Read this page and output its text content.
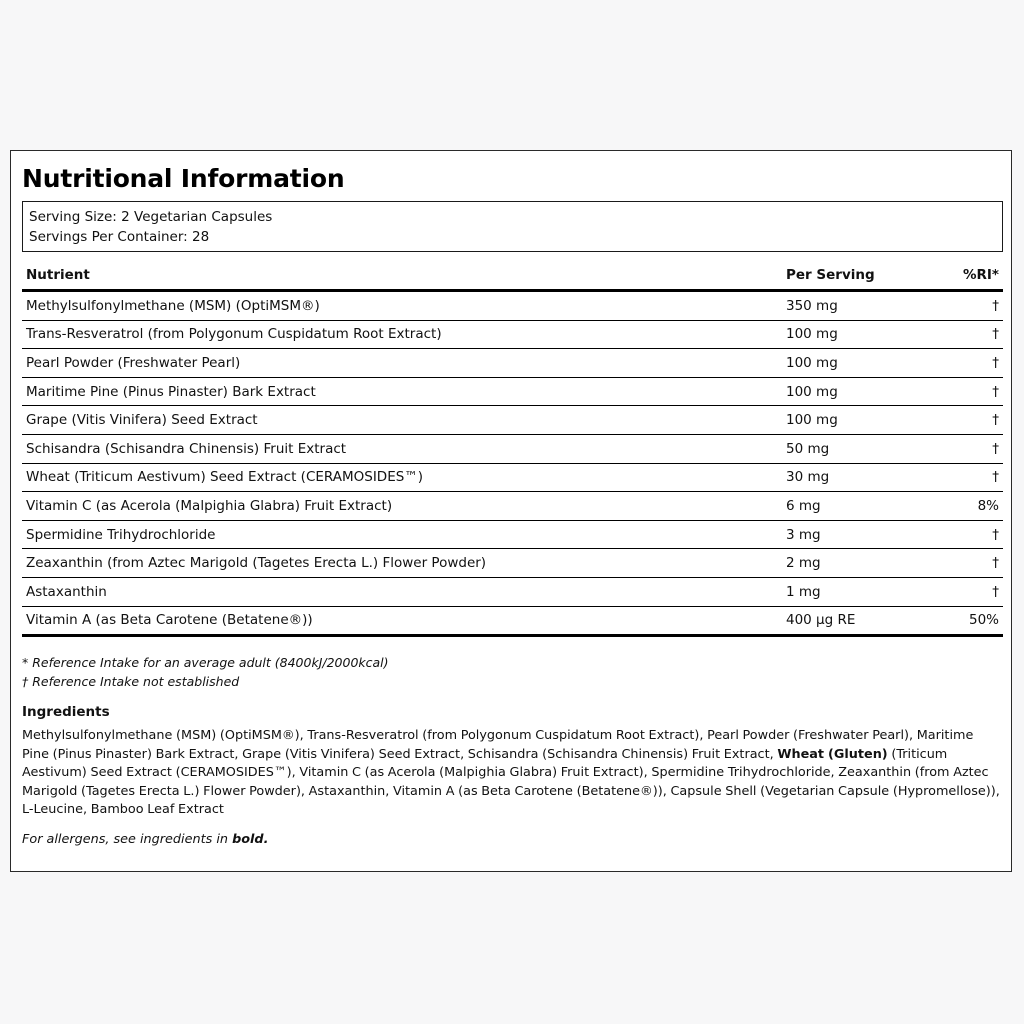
Nutritional Information
Serving Size: 2 Vegetarian Capsules
Servings Per Container: 28
Nutrient	Per Serving	%RI*
Methylsulfonylmethane (MSM) (OptiMSM®)	350 mg	†
Trans-Resveratrol (from Polygonum Cuspidatum Root Extract)	100 mg	†
Pearl Powder (Freshwater Pearl)	100 mg	†
Maritime Pine (Pinus Pinaster) Bark Extract	100 mg	†
Grape (Vitis Vinifera) Seed Extract	100 mg	†
Schisandra (Schisandra Chinensis) Fruit Extract	50 mg	†
Wheat (Triticum Aestivum) Seed Extract (CERAMOSIDES™)	30 mg	†
Vitamin C (as Acerola (Malpighia Glabra) Fruit Extract)	6 mg	8%
Spermidine Trihydrochloride	3 mg	†
Zeaxanthin (from Aztec Marigold (Tagetes Erecta L.) Flower Powder)	2 mg	†
Astaxanthin	1 mg	†
Vitamin A (as Beta Carotene (Betatene®))	400 µg RE	50%
* Reference Intake for an average adult (8400kJ/2000kcal)
† Reference Intake not established
Ingredients
Methylsulfonylmethane (MSM) (OptiMSM®), Trans-Resveratrol (from Polygonum Cuspidatum Root Extract), Pearl Powder (Freshwater Pearl), Maritime Pine (Pinus Pinaster) Bark Extract, Grape (Vitis Vinifera) Seed Extract, Schisandra (Schisandra Chinensis) Fruit Extract, Wheat (Gluten) (Triticum Aestivum) Seed Extract (CERAMOSIDES™), Vitamin C (as Acerola (Malpighia Glabra) Fruit Extract), Spermidine Trihydrochloride, Zeaxanthin (from Aztec Marigold (Tagetes Erecta L.) Flower Powder), Astaxanthin, Vitamin A (as Beta Carotene (Betatene®)), Capsule Shell (Vegetarian Capsule (Hypromellose)), L-Leucine, Bamboo Leaf Extract
For allergens, see ingredients in bold.
